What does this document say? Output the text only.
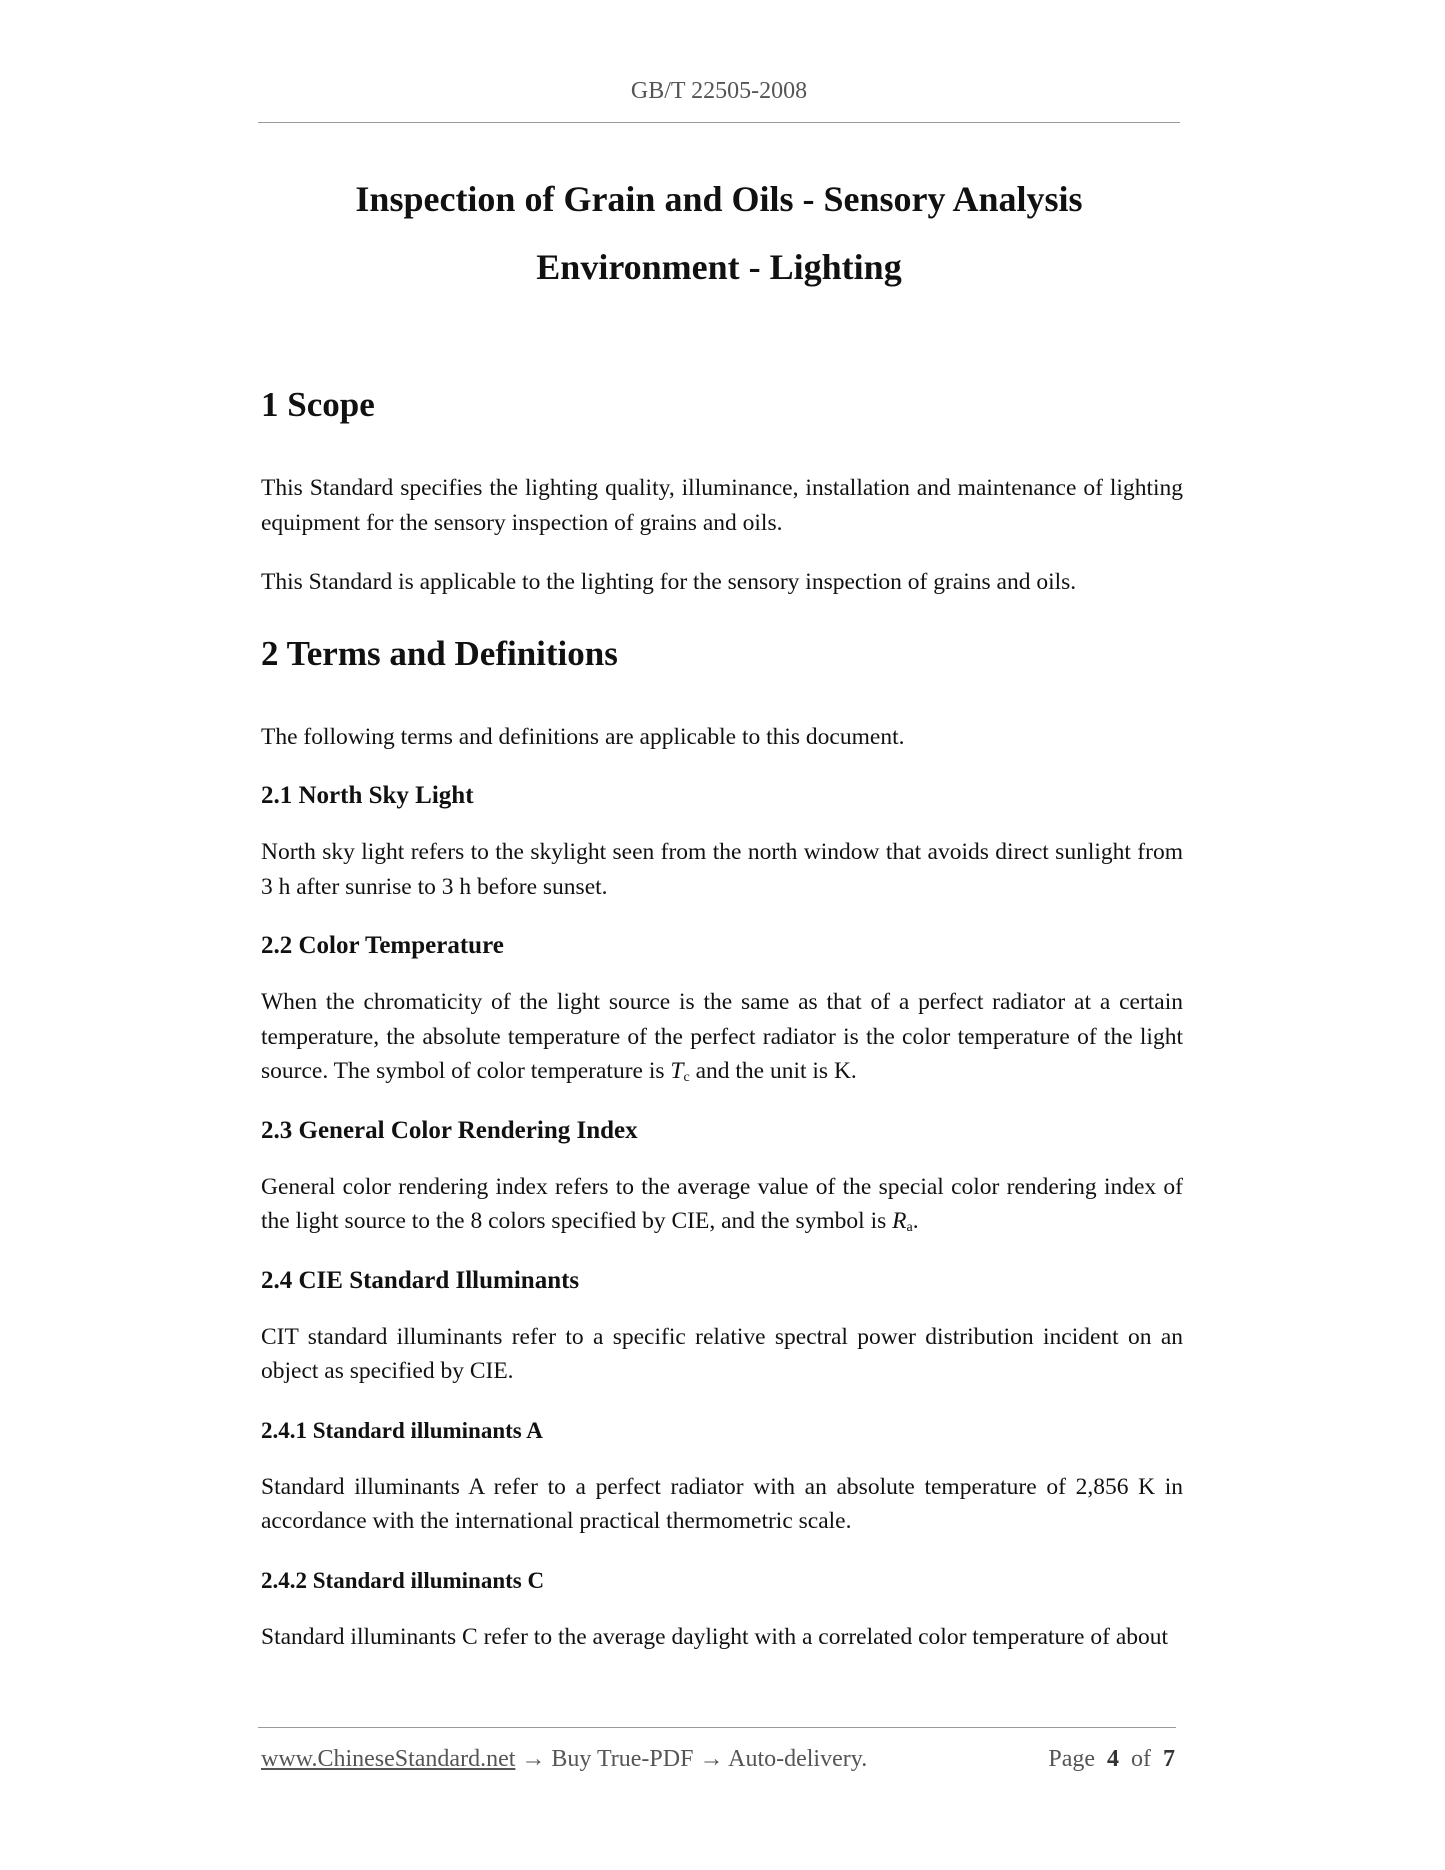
GB/T 22505-2008
Inspection of Grain and Oils - Sensory Analysis
Environment - Lighting
1 Scope

This Standard specifies the lighting quality, illuminance, installation and maintenance of lighting equipment for the sensory inspection of grains and oils.

This Standard is applicable to the lighting for the sensory inspection of grains and oils.

2 Terms and Definitions

The following terms and definitions are applicable to this document.

2.1 North Sky Light

North sky light refers to the skylight seen from the north window that avoids direct sunlight from 3 h after sunrise to 3 h before sunset.

2.2 Color Temperature

When the chromaticity of the light source is the same as that of a perfect radiator at a certain temperature, the absolute temperature of the perfect radiator is the color temperature of the light source. The symbol of color temperature is $T_c$ and the unit is K.

2.3 General Color Rendering Index

General color rendering index refers to the average value of the special color rendering index of the light source to the 8 colors specified by CIE, and the symbol is $R_a$.

2.4 CIE Standard Illuminants

CIT standard illuminants refer to a specific relative spectral power distribution incident on an object as specified by CIE.

2.4.1 Standard illuminants A

Standard illuminants A refer to a perfect radiator with an absolute temperature of 2,856 K in accordance with the international practical thermometric scale.

2.4.2 Standard illuminants C

Standard illuminants C refer to the average daylight with a correlated color temperature of about

www.ChineseStandard.net → Buy True-PDF → Auto-delivery.	Page 4 of 7
